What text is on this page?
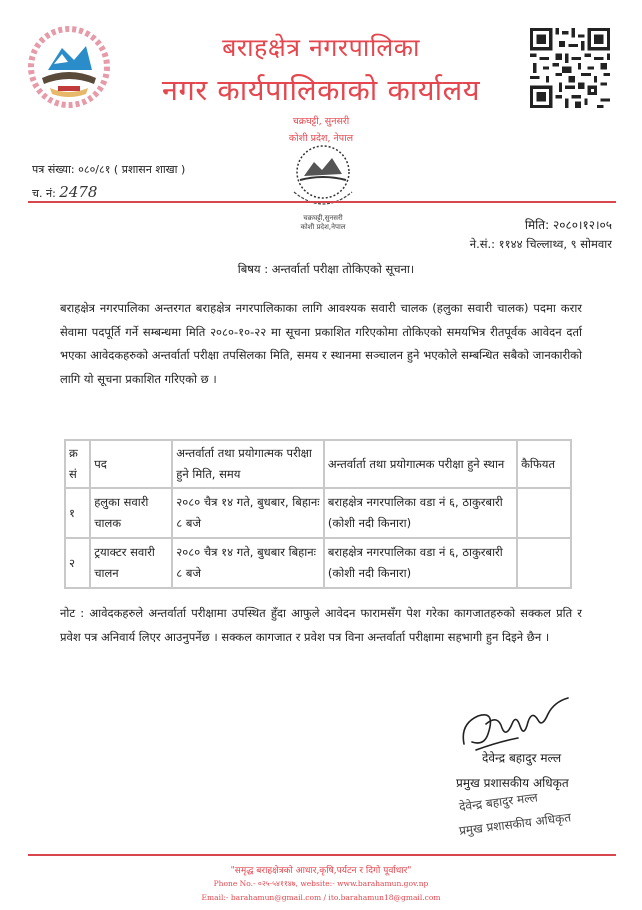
बराहक्षेत्र नगरपालिका
नगर कार्यपालिकाको कार्यालय
चक्रघट्टी, सुनसरी
कोशी प्रदेश, नेपाल
चक्रघट्टी,सुनसरी
कोशी प्रदेश,नेपाल
पत्र संख्या: ०८०/८१ ( प्रशासन शाखा )
च. नं: 2478
मिति: २०८०।१२।०५
ने.सं.: ११४४ चिल्लाथ्व, ९ सोमवार
बिषय : अन्तर्वार्ता परीक्षा तोकिएको सूचना।
बराहक्षेत्र नगरपालिका अन्तरगत बराहक्षेत्र नगरपालिकाका लागि आवश्यक सवारी चालक (हलुका सवारी चालक) पदमा करार सेवामा पदपूर्ति गर्ने सम्बन्धमा मिति २०८०-१०-२२ मा सूचना प्रकाशित गरिएकोमा तोकिएको समयभित्र रीतपूर्वक आवेदन दर्ता भएका आवेदकहरुको अन्तर्वार्ता परीक्षा तपसिलका मिति, समय र स्थानमा सञ्चालन हुने भएकोले सम्बन्धित सबैको जानकारीको लागि यो सूचना प्रकाशित गरिएको छ ।
क्र सं	पद	अन्तर्वार्ता तथा प्रयोगात्मक परीक्षा हुने मिति, समय	अन्तर्वार्ता तथा प्रयोगात्मक परीक्षा हुने स्थान	कैफियत
१	हलुका सवारी चालक	२०८० चैत्र १४ गते, बुधबार, बिहानः ८ बजे	बराहक्षेत्र नगरपालिका वडा नं ६, ठाकुरबारी (कोशी नदी किनारा)	
२	ट्रयाक्टर सवारी चालन	२०८० चैत्र १४ गते, बुधबार बिहानः ८ बजे	बराहक्षेत्र नगरपालिका वडा नं ६, ठाकुरबारी (कोशी नदी किनारा)	
नोट : आवेदकहरुले अन्तर्वार्ता परीक्षामा उपस्थित हुँदा आफुले आवेदन फारामसँग पेश गरेका कागजातहरुको सक्कल प्रति र प्रवेश पत्र अनिवार्य लिएर आउनुपर्नेछ । सक्कल कागजात र प्रवेश पत्र विना अन्तर्वार्ता परीक्षामा सहभागी हुन दिइने छैन ।
देवेन्द्र बहादुर मल्ल
प्रमुख प्रशासकीय अधिकृत
देवेन्द्र बहादुर मल्ल
प्रमुख प्रशासकीय अधिकृत
"समृद्ध बराहक्षेत्रको आधार,कृषि,पर्यटन र दिगो पूर्वाधार"
Phone No.- ०२५-५४११४७, website:- www.barahamun.gov.np
Email:- barahamun@gmail.com / ito.barahamun18@gmail.com
